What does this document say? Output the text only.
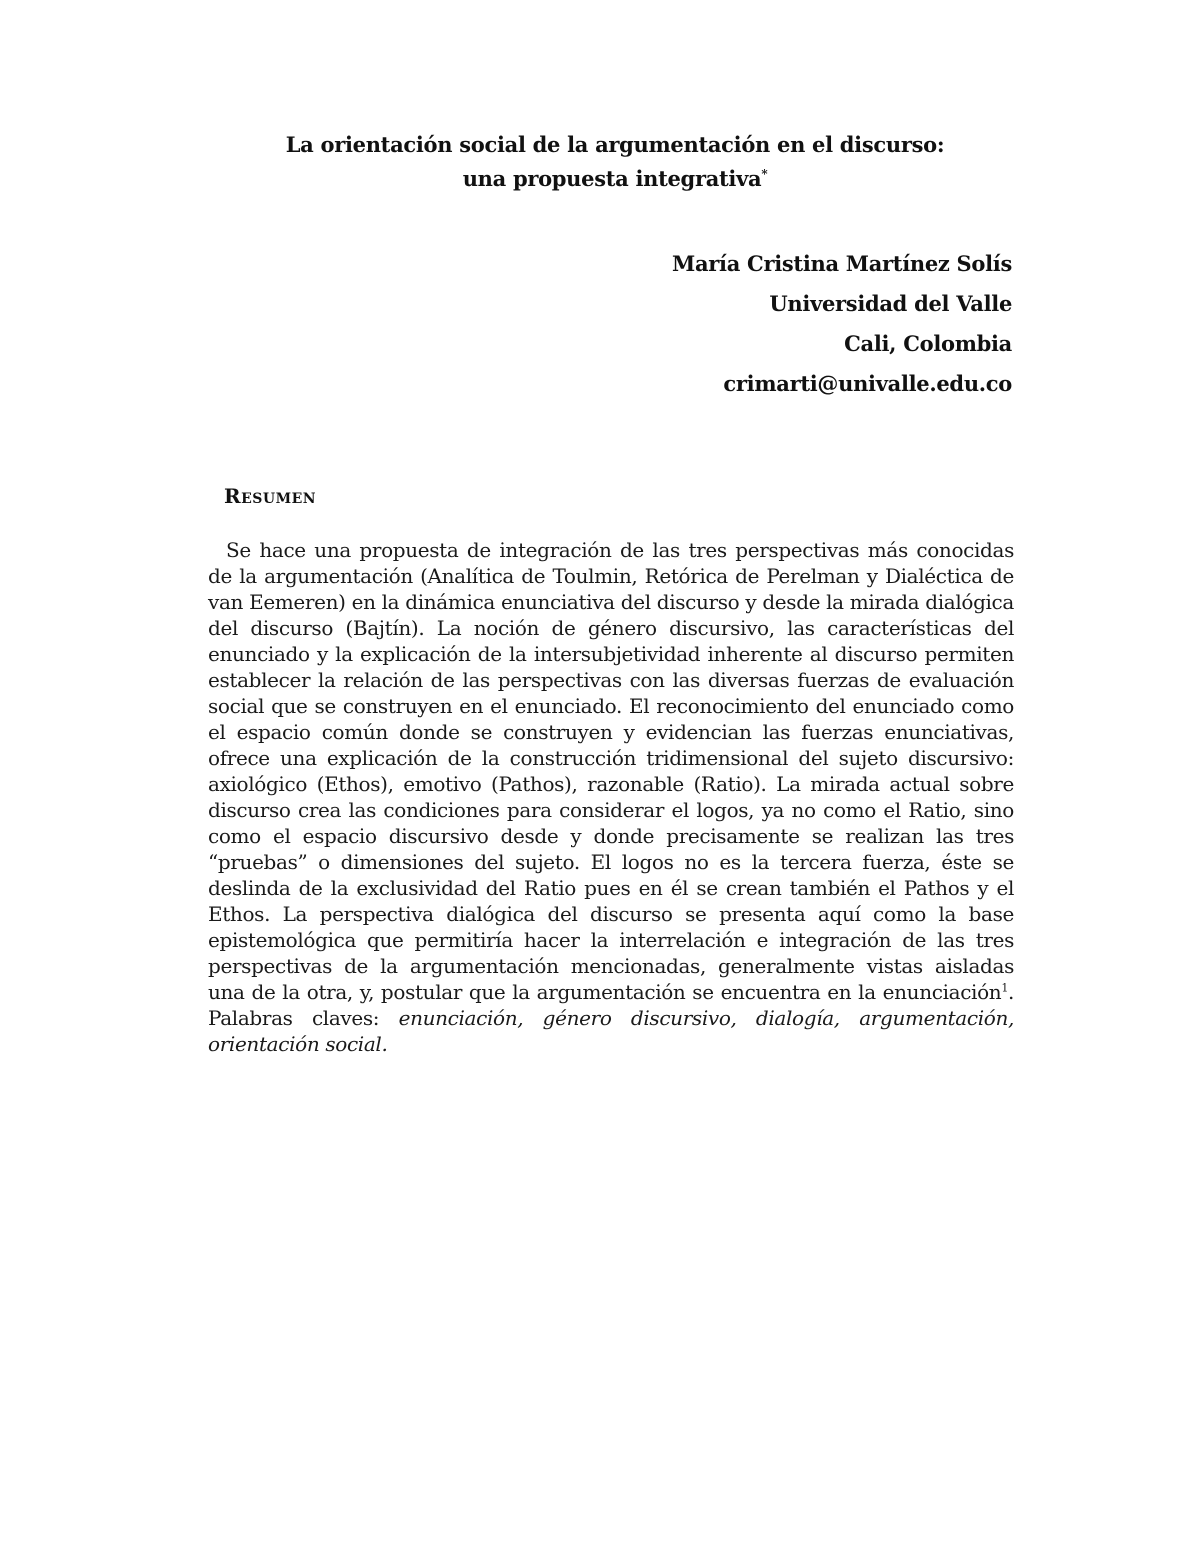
La orientación social de la argumentación en el discurso:
una propuesta integrativa*
María Cristina Martínez Solís
Universidad del Valle
Cali, Colombia
crimarti@univalle.edu.co
Resumen

Se hace una propuesta de integración de las tres perspectivas más conocidas de la argumentación (Analítica de Toulmin, Retórica de Perelman y Dialéctica de van Eemeren) en la dinámica enunciativa del discurso y desde la mirada dialógica del discurso (Bajtín). La noción de género discursivo, las características del enunciado y la explicación de la intersubjetividad inherente al discurso permiten establecer la relación de las perspectivas con las diversas fuerzas de evaluación social que se construyen en el enunciado. El reconocimiento del enunciado como el espacio común donde se construyen y evidencian las fuerzas enunciativas, ofrece una explicación de la construcción tridimensional del sujeto discursivo: axiológico (Ethos), emotivo (Pathos), razonable (Ratio). La mirada actual sobre discurso crea las condiciones para considerar el logos, ya no como el Ratio, sino como el espacio discursivo desde y donde precisamente se realizan las tres “pruebas” o dimensiones del sujeto. El logos no es la tercera fuerza, éste se deslinda de la exclusividad del Ratio pues en él se crean también el Pathos y el Ethos. La perspectiva dialógica del discurso se presenta aquí como la base epistemológica que permitiría hacer la interrelación e integración de las tres perspectivas de la argumentación mencionadas, generalmente vistas aisladas una de la otra, y, postular que la argumentación se encuentra en la enunciación$^1$. Palabras claves: enunciación, género discursivo, dialogía, argumentación, orientación social.
